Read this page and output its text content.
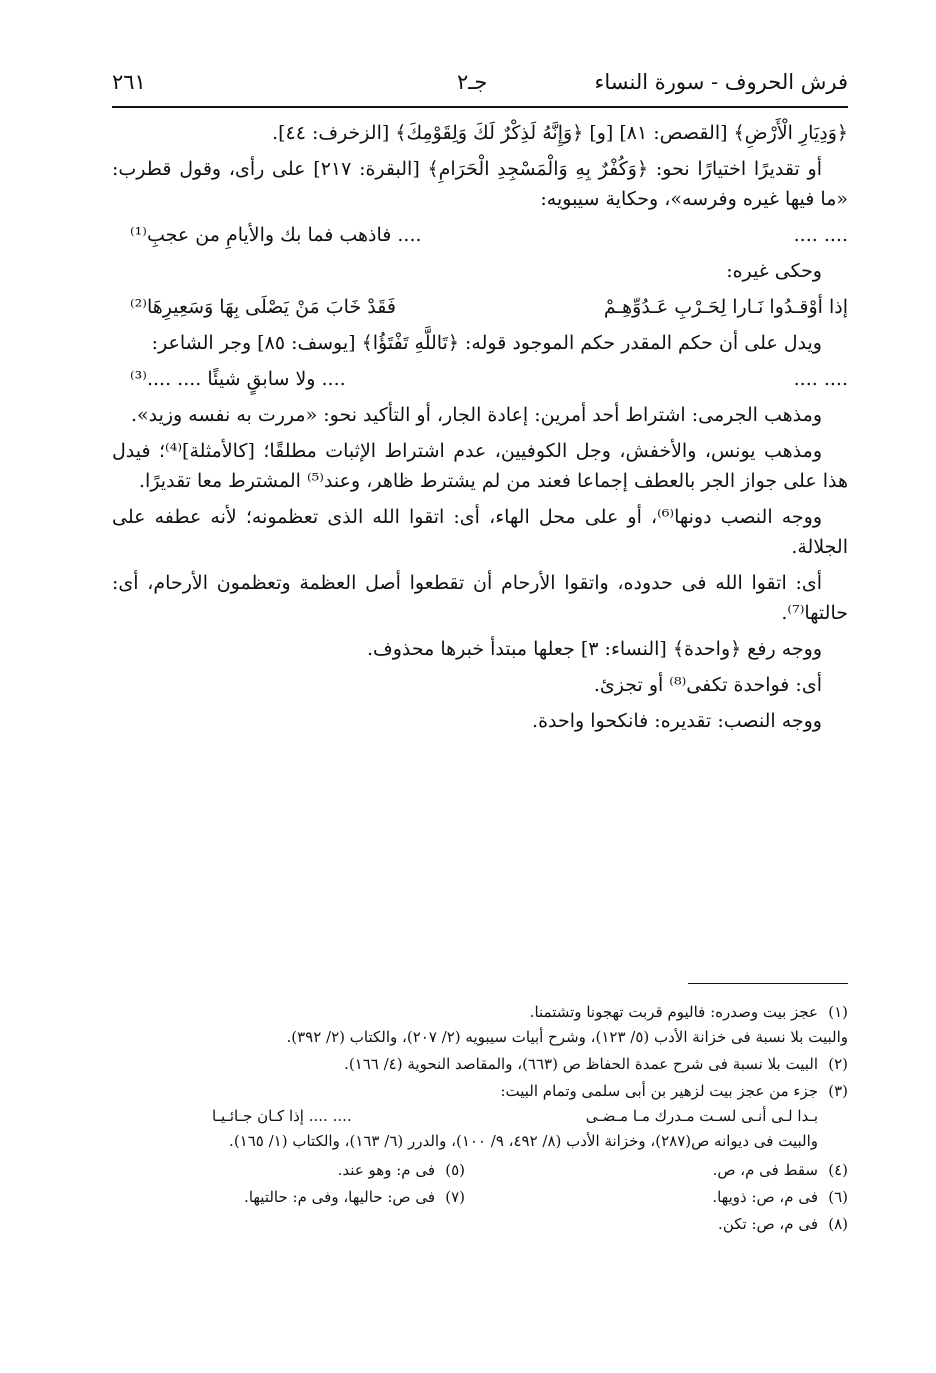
فرش الحروف - سورة النساء
جـ٢
٢٦١

﴿وَدِيَارِ الْأَرْضِ﴾ [القصص: ٨١] [و] ﴿وَإِنَّهُ لَذِكْرٌ لَكَ وَلِقَوْمِكَ﴾ [الزخرف: ٤٤].

أو تقديرًا اختيارًا نحو: ﴿وَكُفْرٌ بِهِ وَالْمَسْجِدِ الْحَرَامِ﴾ [البقرة: ٢١٧] على رأى، وقول قطرب: «ما فيها غيره وفرسه»، وحكاية سيبويه:

.... ....
.... فاذهب فما بك والأيامِ من عجبِ⁽¹⁾

وحكى غيره:

إذا أوْقـدُوا نَـارا لِحَـرْبِ عَـدُوِّهِـمْ
فَقَدْ خَابَ مَنْ يَصْلَى بِهَا وَسَعِيرِهَا⁽²⁾

ويدل على أن حكم المقدر حكم الموجود قوله: ﴿تَاللَّهِ تَفْتَؤُا﴾ [يوسف: ٨٥] وجر الشاعر:

.... ....
.... ولا سابقٍ شيئًا .... ....⁽³⁾

ومذهب الجرمى: اشتراط أحد أمرين: إعادة الجار، أو التأكيد نحو: «مررت به نفسه وزيد».

ومذهب يونس، والأخفش، وجل الكوفيين، عدم اشتراط الإثبات مطلقًا؛ [كالأمثلة]⁽⁴⁾؛ فيدل هذا على جواز الجر بالعطف إجماعا فعند من لم يشترط ظاهر، وعند⁽⁵⁾ المشترط معا تقديرًا.

ووجه النصب دونها⁽⁶⁾، أو على محل الهاء، أى: اتقوا الله الذى تعظمونه؛ لأنه عطفه على الجلالة.

أى: اتقوا الله فى حدوده، واتقوا الأرحام أن تقطعوا أصل العظمة وتعظمون الأرحام، أى: حالتها⁽⁷⁾.

ووجه رفع ﴿واحدة﴾ [النساء: ٣] جعلها مبتدأ خبرها محذوف.

أى: فواحدة تكفى⁽⁸⁾ أو تجزئ.

ووجه النصب: تقديره: فانكحوا واحدة.

(١)
عجز بيت وصدره: فاليوم قربت تهجونا وتشتمنا.
والبيت بلا نسبة فى خزانة الأدب (٥/ ١٢٣)، وشرح أبيات سيبويه (٢/ ٢٠٧)، والكتاب (٢/ ٣٩٢).
(٢)
البيت بلا نسبة فى شرح عمدة الحفاظ ص (٦٦٣)، والمقاصد النحوية (٤/ ١٦٦).
(٣)
جزء من عجز بيت لزهير بن أبى سلمى وتمام البيت:
بـدا لـى أنـى لسـت مـدرك مـا مـضـى
.... .... إذا كـان جـائـيـا
والبيت فى ديوانه ص(٢٨٧)، وخزانة الأدب (٨/ ٤٩٢، ٩/ ١٠٠)، والدرر (٦/ ١٦٣)، والكتاب (١/ ١٦٥).
(٤)
سقط فى م، ص.
(٥)
فى م: وهو عند.
(٦)
فى م، ص: ذويها.
(٧)
فى ص: حاليها، وفى م: حالتيها.
(٨)
فى م، ص: تكن.
